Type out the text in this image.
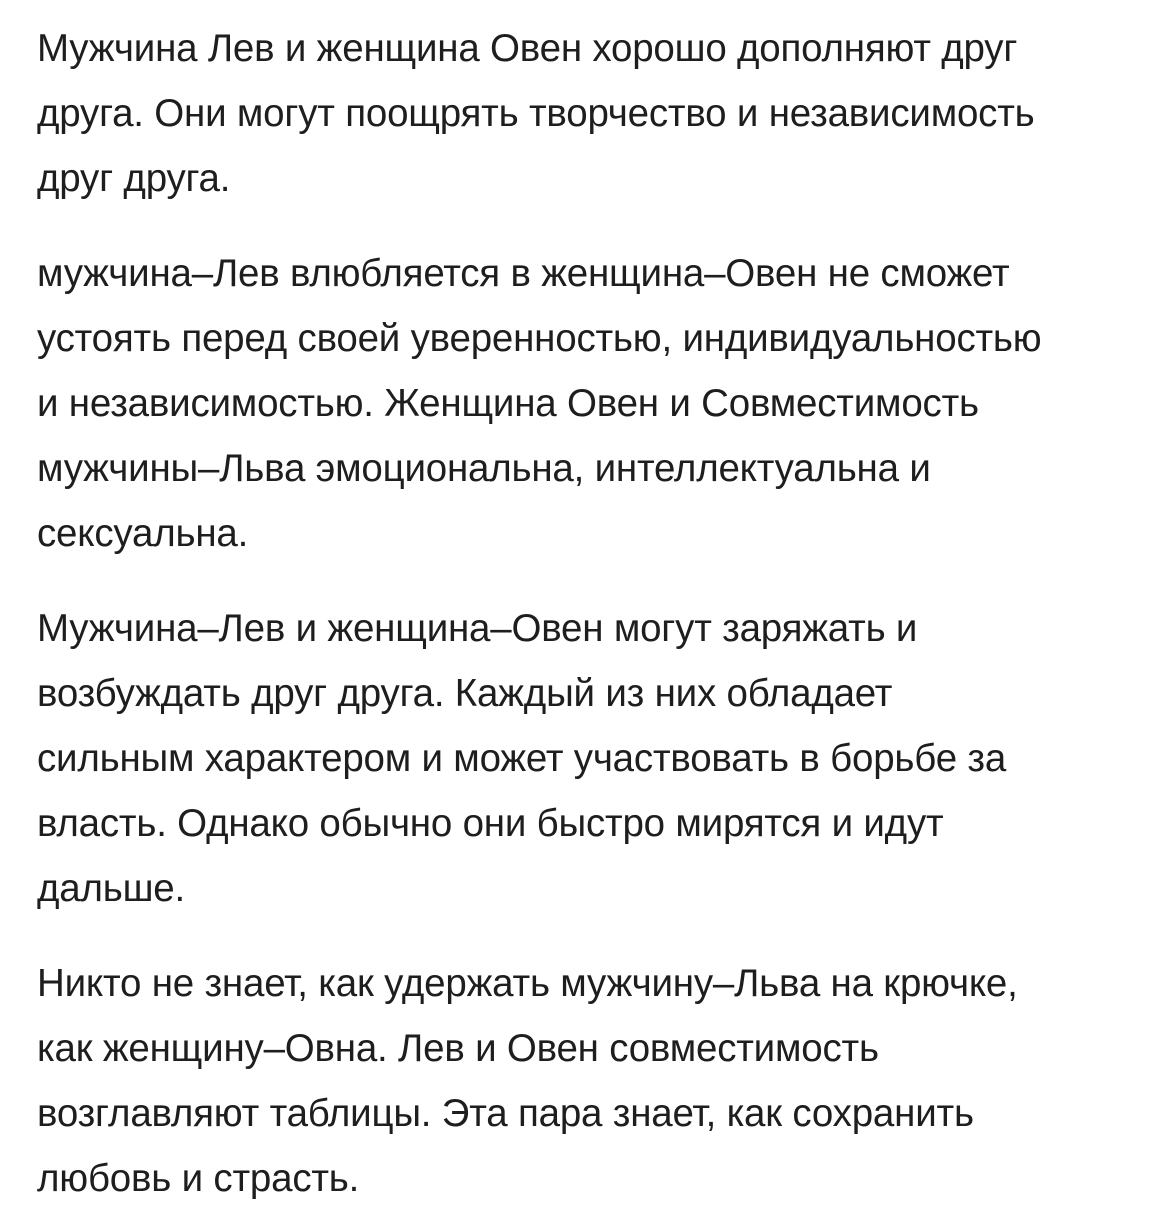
Мужчина Лев и женщина Овен хорошо дополняют друг
друга. Они могут поощрять творчество и независимость
друг друга.

мужчина–Лев влюбляется в женщина–Овен не сможет
устоять перед своей уверенностью, индивидуальностью
и независимостью. Женщина Овен и Совместимость
мужчины–Льва эмоциональна, интеллектуальна и
сексуальна.

Мужчина–Лев и женщина–Овен могут заряжать и
возбуждать друг друга. Каждый из них обладает
сильным характером и может участвовать в борьбе за
власть. Однако обычно они быстро мирятся и идут
дальше.

Никто не знает, как удержать мужчину–Льва на крючке,
как женщину–Овна. Лев и Овен совместимость
возглавляют таблицы. Эта пара знает, как сохранить
любовь и страсть.
